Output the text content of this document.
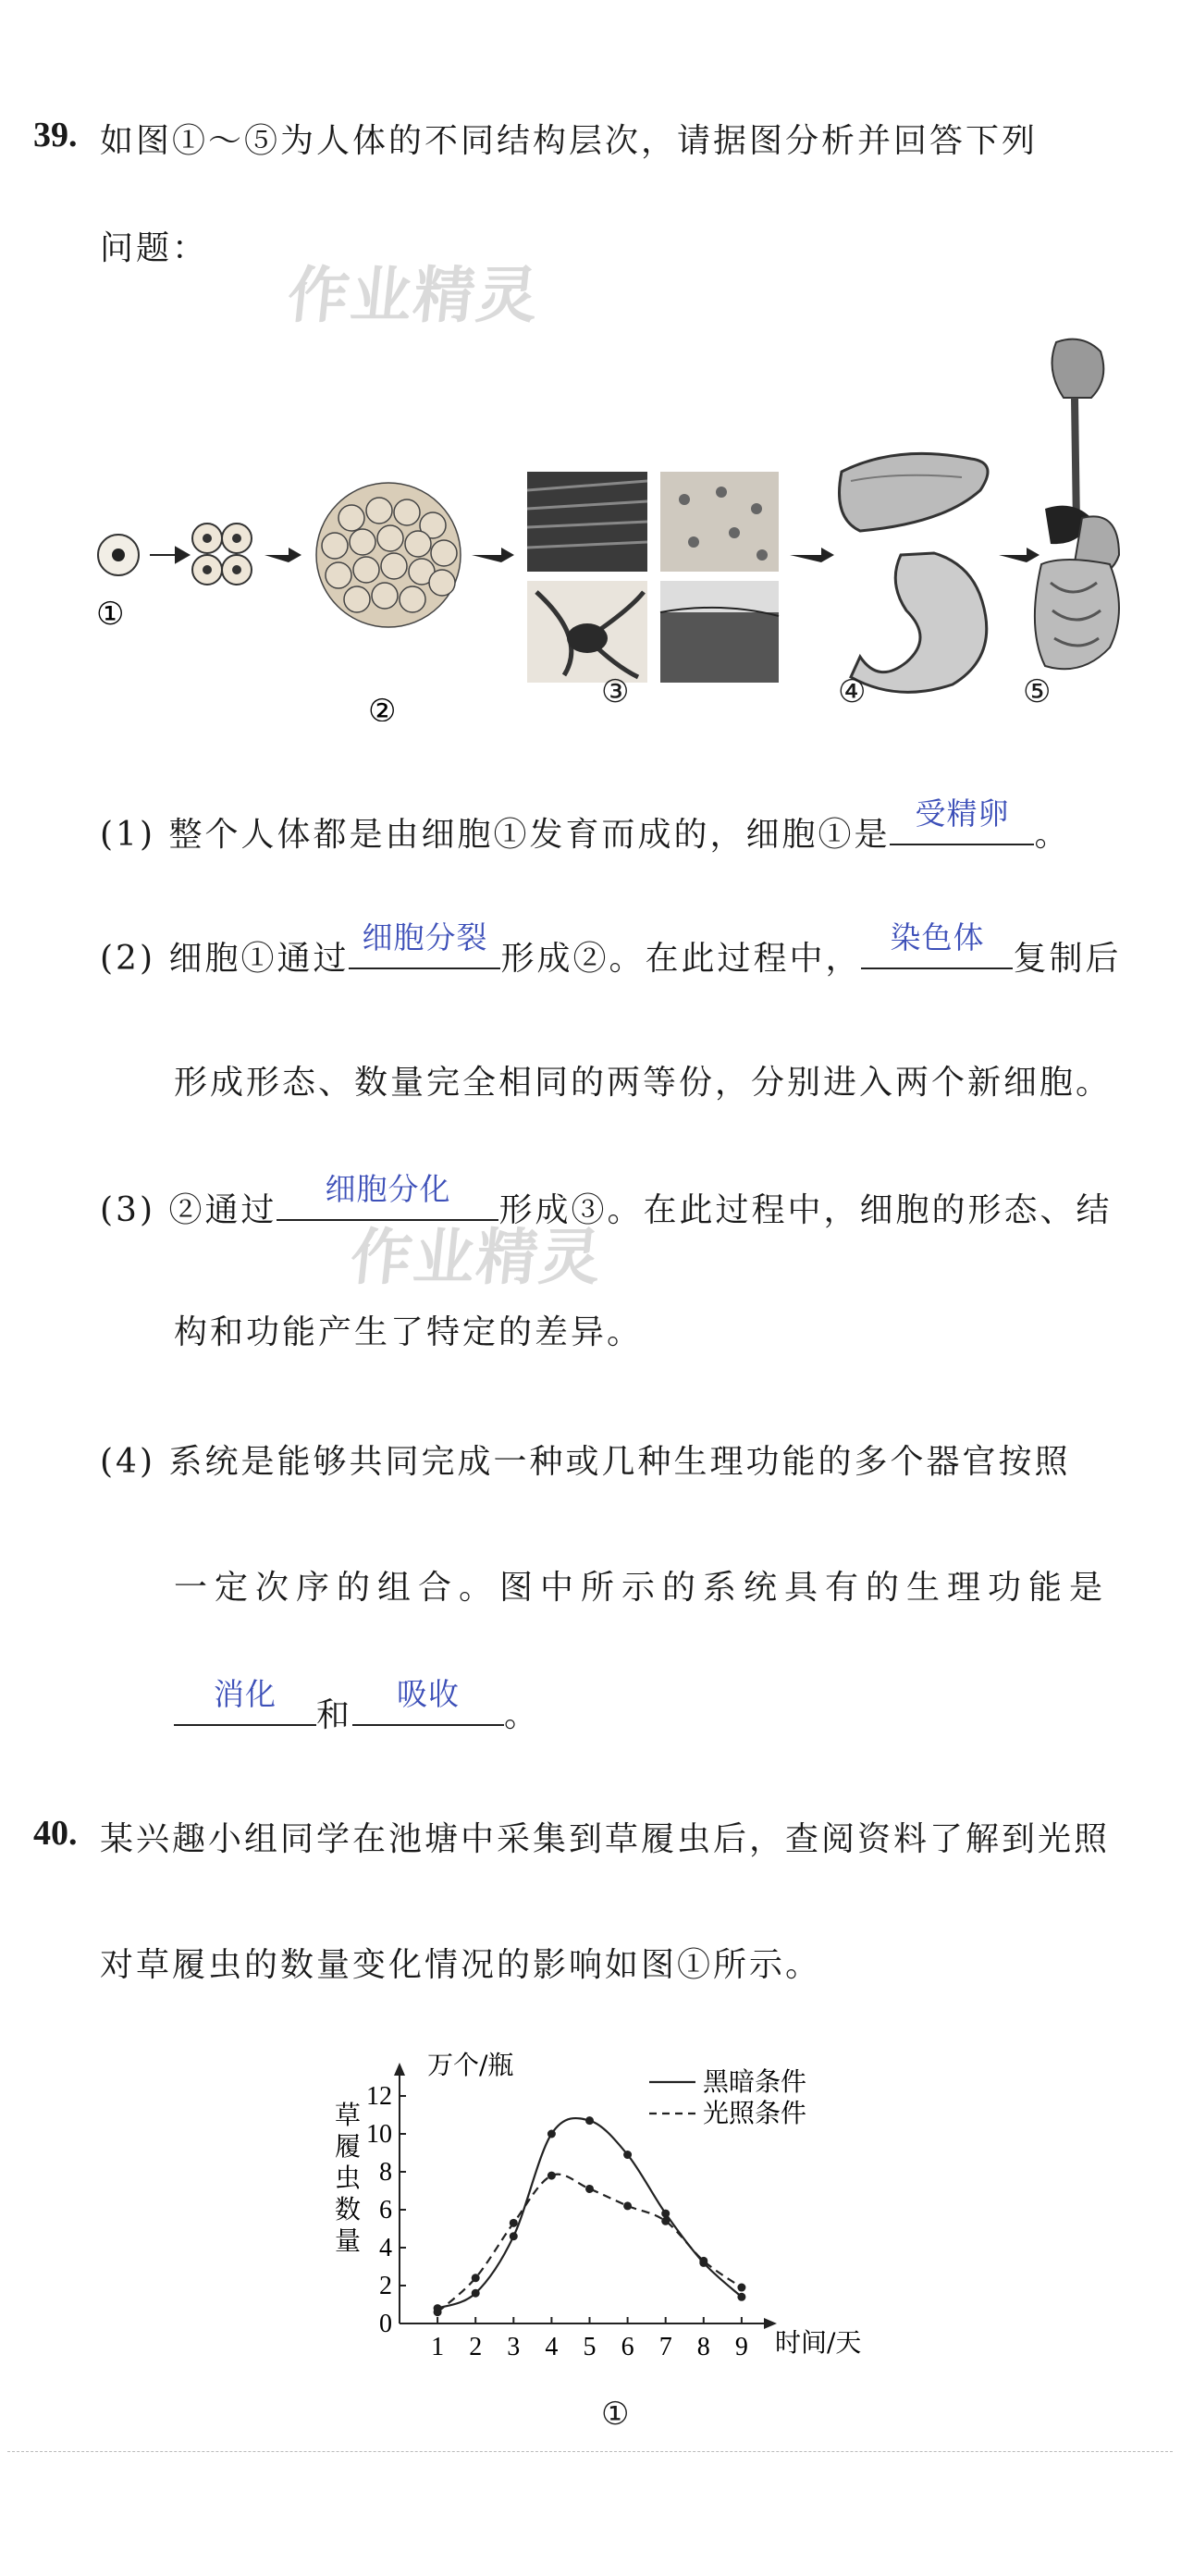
39. 如图①～⑤为人体的不同结构层次，请据图分析并回答下列
问题：
作业精灵
①
②
③	④	⑤
(1) 整个人体都是由细胞①发育而成的，细胞①是
受精卵
。
(2) 细胞①通过
细胞分裂
形成②。在此过程中，
染色体
复制后
形成形态、数量完全相同的两等份，分别进入两个新细胞。
(3) ②通过
细胞分化
形成③。在此过程中，细胞的形态、结
作业精灵
构和功能产生了特定的差异。
(4) 系统是能够共同完成一种或几种生理功能的多个器官按照
一定次序的组合。图中所示的系统具有的生理功能是
消化
和
吸收
。
40. 某兴趣小组同学在池塘中采集到草履虫后，查阅资料了解到光照
对草履虫的数量变化情况的影响如图①所示。
0
2
4
6
8
10
12
1 2 3 4 5 6 7 8 9
万个/瓶
时间/天
草
履
虫
数
量
黑暗条件
光照条件
①
